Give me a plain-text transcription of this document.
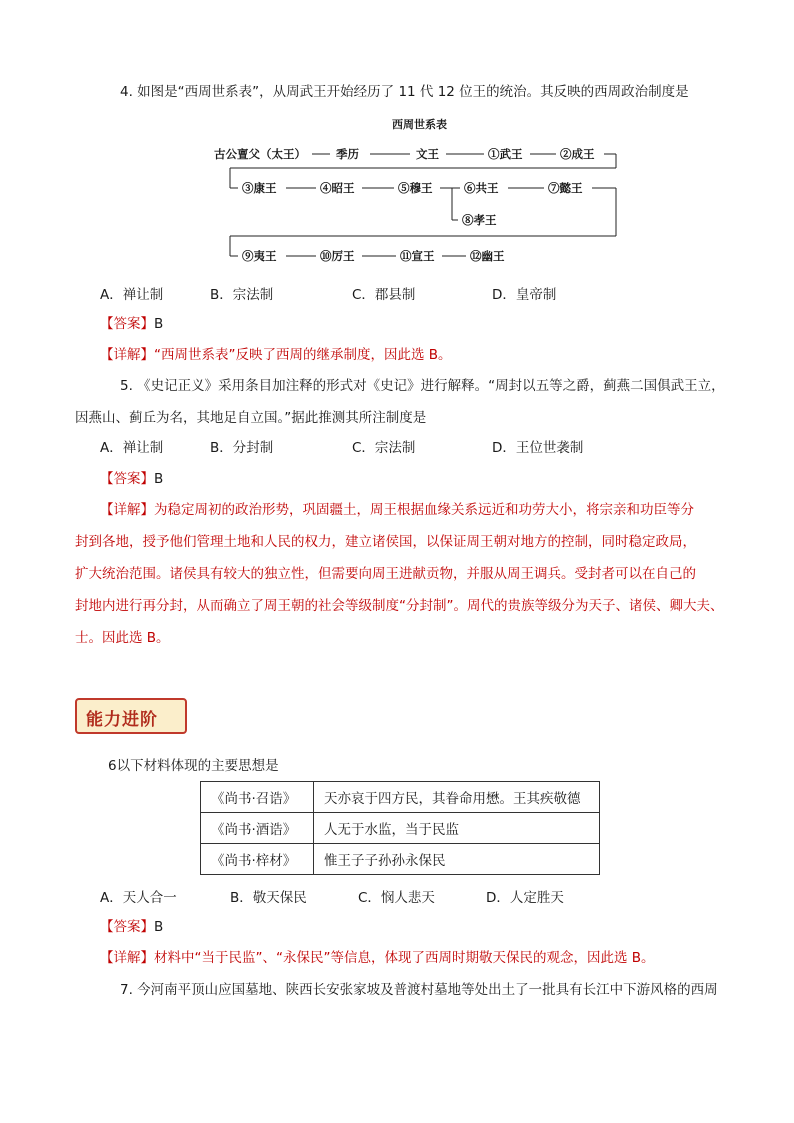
4. 如图是“西周世系表”，从周武王开始经历了 11 代 12 位王的统治。其反映的西周政治制度是
西周世系表
古公亶父（太王）	季历	文王	①武王	②成王
③康王	④昭王	⑤穆王	⑥共王	⑦懿王
⑧孝王
⑨夷王	⑩厉王	⑪宣王	⑫幽王
A．禅让制	B．宗法制	C．郡县制	D．皇帝制
【答案】B
【详解】“西周世系表”反映了西周的继承制度，因此选 B。
5. 《史记正义》采用条目加注释的形式对《史记》进行解释。“周封以五等之爵，蓟燕二国俱武王立，
因燕山、蓟丘为名，其地足自立国。”据此推测其所注制度是
A．禅让制	B．分封制	C．宗法制	D．王位世袭制
【答案】B
【详解】为稳定周初的政治形势，巩固疆土，周王根据血缘关系远近和功劳大小，将宗亲和功臣等分
封到各地，授予他们管理土地和人民的权力，建立诸侯国，以保证周王朝对地方的控制，同时稳定政局，
扩大统治范围。诸侯具有较大的独立性，但需要向周王进献贡物，并服从周王调兵。受封者可以在自己的
封地内进行再分封，从而确立了周王朝的社会等级制度“分封制”。周代的贵族等级分为天子、诸侯、卿大夫、
士。因此选 B。
能力进阶
6以下材料体现的主要思想是
《尚书·召诰》	天亦哀于四方民，其眷命用懋。王其疾敬德
《尚书·酒诰》	人无于水监，当于民监
《尚书·梓材》	惟王子子孙孙永保民
A．天人合一	B．敬天保民	C．悯人悲天	D．人定胜天
【答案】B
【详解】材料中“当于民监”、“永保民”等信息，体现了西周时期敬天保民的观念，因此选 B。
7. 今河南平顶山应国墓地、陕西长安张家坡及普渡村墓地等处出土了一批具有长江中下游风格的西周
